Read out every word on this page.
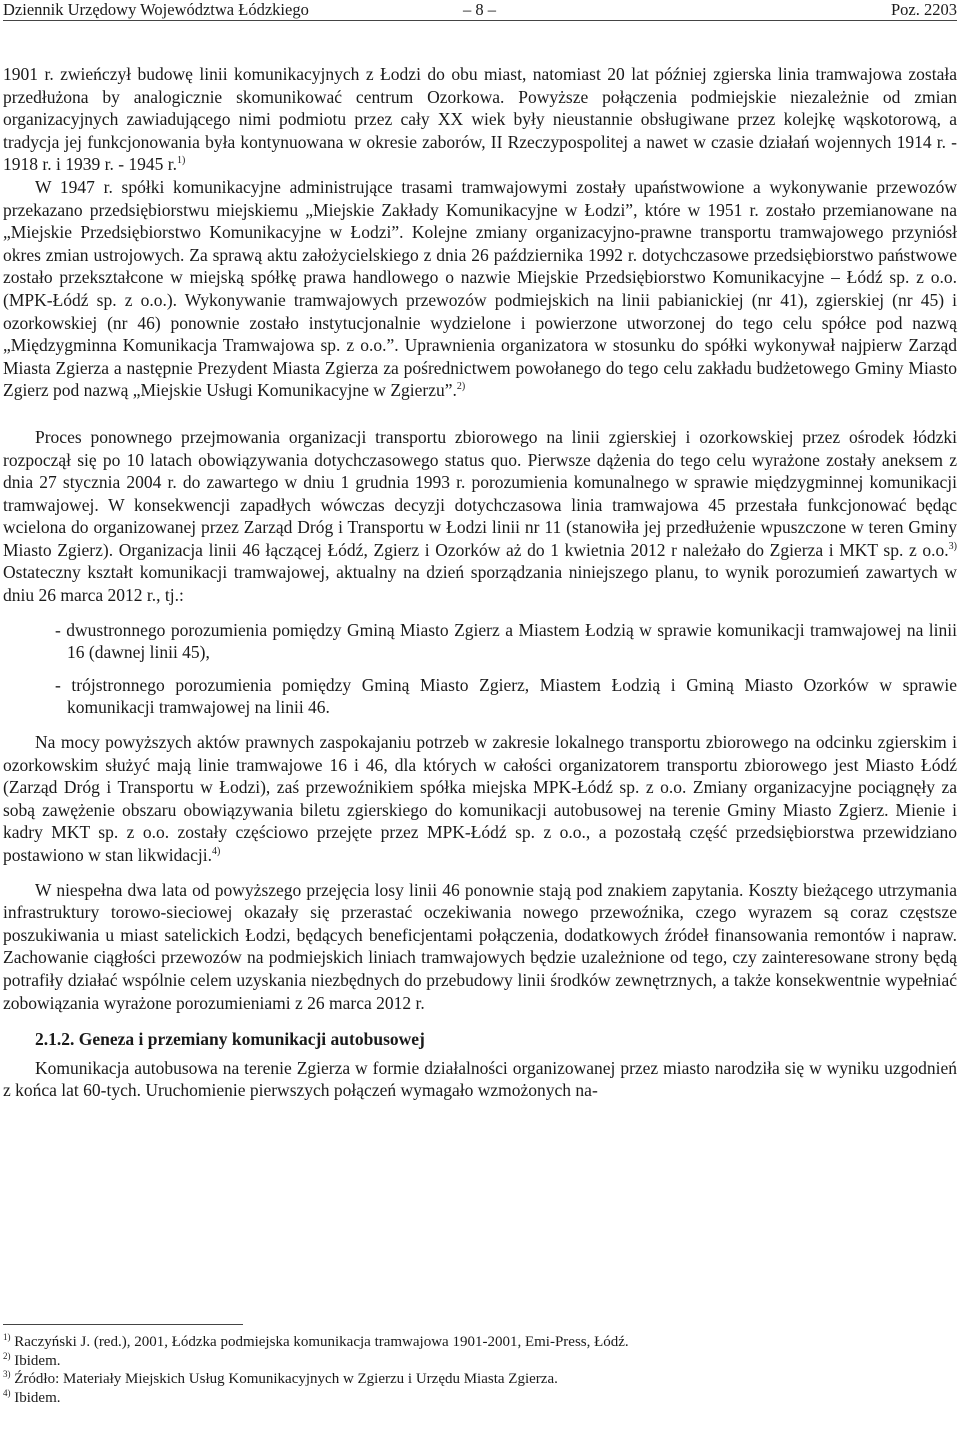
Dziennik Urzędowy Województwa Łódzkiego	– 8 –	Poz. 2203

1901 r. zwieńczył budowę linii komunikacyjnych z Łodzi do obu miast, natomiast 20 lat później zgierska linia tramwajowa została przedłużona by analogicznie skomunikować centrum Ozorkowa. Powyższe połączenia podmiejskie niezależnie od zmian organizacyjnych zawiadującego nimi podmiotu przez cały XX wiek były nieustannie obsługiwane przez kolejkę wąskotorową, a tradycja jej funkcjonowania była kontynuowana w okresie zaborów, II Rzeczypospolitej a nawet w czasie działań wojennych 1914 r. - 1918 r. i 1939 r. - 1945 r.$^{1)}$

W 1947 r. spółki komunikacyjne administrujące trasami tramwajowymi zostały upaństwowione a wykonywanie przewozów przekazano przedsiębiorstwu miejskiemu „Miejskie Zakłady Komunikacyjne w Łodzi”, które w 1951 r. zostało przemianowane na „Miejskie Przedsiębiorstwo Komunikacyjne w Łodzi”. Kolejne zmiany organizacyjno-prawne transportu tramwajowego przyniósł okres zmian ustrojowych. Za sprawą aktu założycielskiego z dnia 26 października 1992 r. dotychczasowe przedsiębiorstwo państwowe zostało przekształcone w miejską spółkę prawa handlowego o nazwie Miejskie Przedsiębiorstwo Komunikacyjne – Łódź sp. z o.o. (MPK-Łódź sp. z o.o.). Wykonywanie tramwajowych przewozów podmiejskich na linii pabianickiej (nr 41), zgierskiej (nr 45) i ozorkowskiej (nr 46) ponownie zostało instytucjonalnie wydzielone i powierzone utworzonej do tego celu spółce pod nazwą „Międzygminna Komunikacja Tramwajowa sp. z o.o.”. Uprawnienia organizatora w stosunku do spółki wykonywał najpierw Zarząd Miasta Zgierza a następnie Prezydent Miasta Zgierza za pośrednictwem powołanego do tego celu zakładu budżetowego Gminy Miasto Zgierz pod nazwą „Miejskie Usługi Komunikacyjne w Zgierzu”.$^{2)}$

Proces ponownego przejmowania organizacji transportu zbiorowego na linii zgierskiej i ozorkowskiej przez ośrodek łódzki rozpoczął się po 10 latach obowiązywania dotychczasowego status quo. Pierwsze dążenia do tego celu wyrażone zostały aneksem z dnia 27 stycznia 2004 r. do zawartego w dniu 1 grudnia 1993 r. porozumienia komunalnego w sprawie międzygminnej komunikacji tramwajowej. W konsekwencji zapadłych wówczas decyzji dotychczasowa linia tramwajowa 45 przestała funkcjonować będąc wcielona do organizowanej przez Zarząd Dróg i Transportu w Łodzi linii nr 11 (stanowiła jej przedłużenie wpuszczone w teren Gminy Miasto Zgierz). Organizacja linii 46 łączącej Łódź, Zgierz i Ozorków aż do 1 kwietnia 2012 r należało do Zgierza i MKT sp. z o.o.$^{3)}$ Ostateczny kształt komunikacji tramwajowej, aktualny na dzień sporządzania niniejszego planu, to wynik porozumień zawartych w dniu 26 marca 2012 r., tj.:

- dwustronnego porozumienia pomiędzy Gminą Miasto Zgierz a Miastem Łodzią w sprawie komunikacji tramwajowej na linii 16 (dawnej linii 45),
- trójstronnego porozumienia pomiędzy Gminą Miasto Zgierz, Miastem Łodzią i Gminą Miasto Ozorków w sprawie komunikacji tramwajowej na linii 46.

Na mocy powyższych aktów prawnych zaspokajaniu potrzeb w zakresie lokalnego transportu zbiorowego na odcinku zgierskim i ozorkowskim służyć mają linie tramwajowe 16 i 46, dla których w całości organizatorem transportu zbiorowego jest Miasto Łódź (Zarząd Dróg i Transportu w Łodzi), zaś przewoźnikiem spółka miejska MPK-Łódź sp. z o.o. Zmiany organizacyjne pociągnęły za sobą zawężenie obszaru obowiązywania biletu zgierskiego do komunikacji autobusowej na terenie Gminy Miasto Zgierz. Mienie i kadry MKT sp. z o.o. zostały częściowo przejęte przez MPK-Łódź sp. z o.o., a pozostałą część przedsiębiorstwa przewidziano postawiono w stan likwidacji.$^{4)}$

W niespełna dwa lata od powyższego przejęcia losy linii 46 ponownie stają pod znakiem zapytania. Koszty bieżącego utrzymania infrastruktury torowo-sieciowej okazały się przerastać oczekiwania nowego przewoźnika, czego wyrazem są coraz częstsze poszukiwania u miast satelickich Łodzi, będących beneficjentami połączenia, dodatkowych źródeł finansowania remontów i napraw. Zachowanie ciągłości przewozów na podmiejskich liniach tramwajowych będzie uzależnione od tego, czy zainteresowane strony będą potrafiły działać wspólnie celem uzyskania niezbędnych do przebudowy linii środków zewnętrznych, a także konsekwentnie wypełniać zobowiązania wyrażone porozumieniami z 26 marca 2012 r.

2.1.2. Geneza i przemiany komunikacji autobusowej

Komunikacja autobusowa na terenie Zgierza w formie działalności organizowanej przez miasto narodziła się w wyniku uzgodnień z końca lat 60-tych. Uruchomienie pierwszych połączeń wymagało wzmożonych na-

$^{1)}$ Raczyński J. (red.), 2001, Łódzka podmiejska komunikacja tramwajowa 1901-2001, Emi-Press, Łódź.

$^{2)}$ Ibidem.

$^{3)}$ Źródło: Materiały Miejskich Usług Komunikacyjnych w Zgierzu i Urzędu Miasta Zgierza.

$^{4)}$ Ibidem.
